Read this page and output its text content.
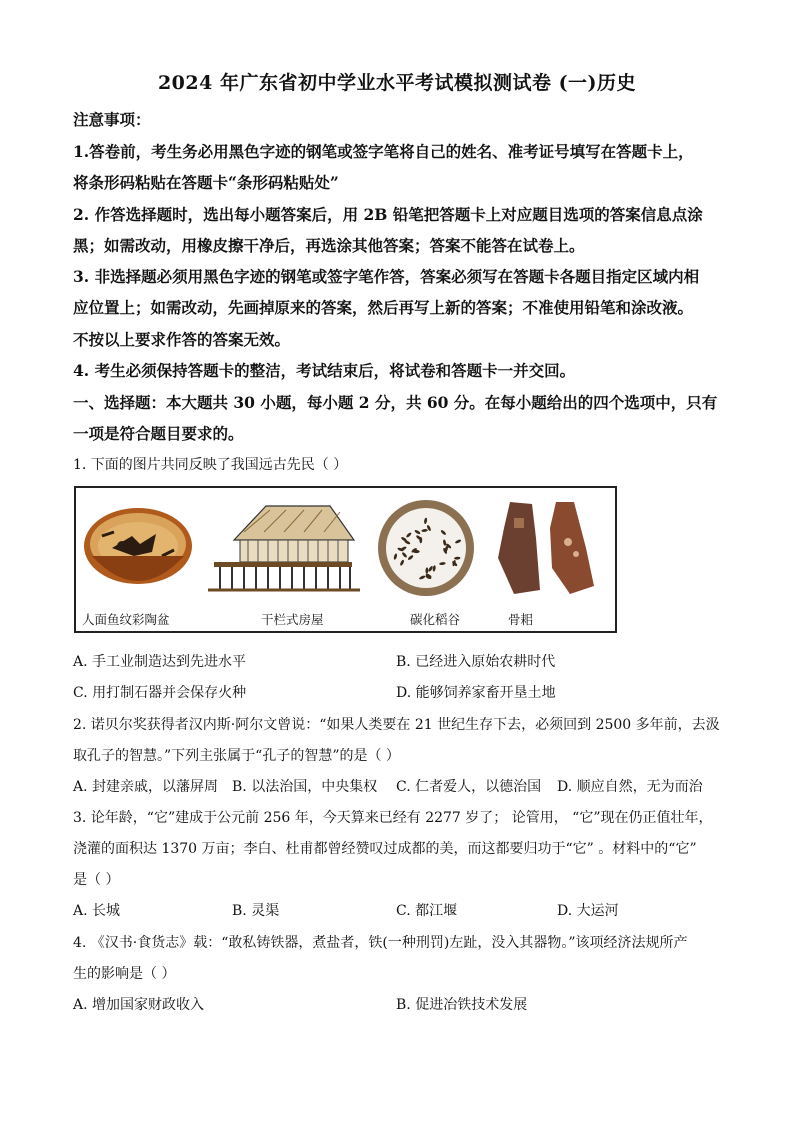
2024 年广东省初中学业水平考试模拟测试卷 (一)历史
注意事项：
1.答卷前，考生务必用黑色字迹的钢笔或签字笔将自己的姓名、准考证号填写在答题卡上，
将条形码粘贴在答题卡“条形码粘贴处”
2. 作答选择题时，选出每小题答案后，用 2B 铅笔把答题卡上对应题目选项的答案信息点涂
黑；如需改动，用橡皮擦干净后，再选涂其他答案；答案不能答在试卷上。
3. 非选择题必须用黑色字迹的钢笔或签字笔作答，答案必须写在答题卡各题目指定区域内相
应位置上；如需改动，先画掉原来的答案，然后再写上新的答案；不准使用铅笔和涂改液。
不按以上要求作答的答案无效。
4. 考生必须保持答题卡的整洁，考试结束后，将试卷和答题卡一并交回。
一、选择题：本大题共 30 小题，每小题 2 分，共 60 分。在每小题给出的四个选项中，只有
一项是符合题目要求的。
1. 下面的图片共同反映了我国远古先民（ ）
人面鱼纹彩陶盆	干栏式房屋	碳化稻谷	骨耜
A. 手工业制造达到先进水平	B. 已经进入原始农耕时代
C. 用打制石器并会保存火种	D. 能够饲养家畜开垦土地
2. 诺贝尔奖获得者汉内斯·阿尔文曾说：“如果人类要在 21 世纪生存下去，必须回到 2500 多年前，去汲
取孔子的智慧。”下列主张属于“孔子的智慧”的是（ ）
A. 封建亲戚，以藩屏周 B. 以法治国，中央集权 C. 仁者爱人，以德治国 D. 顺应自然，无为而治
3. 论年龄，“它”建成于公元前 256 年，今天算来已经有 2277 岁了； 论管用， “它”现在仍正值壮年，
浇灌的面积达 1370 万亩；李白、杜甫都曾经赞叹过成都的美，而这都要归功于“它” 。材料中的“它”
是（ ）
A. 长城	B. 灵渠	C. 都江堰	D. 大运河
4. 《汉书·食货志》载：“敢私铸铁器，煮盐者，铁(一种刑罚)左趾，没入其器物。”该项经济法规所产
生的影响是（ ）
A. 增加国家财政收入	B. 促进冶铁技术发展
